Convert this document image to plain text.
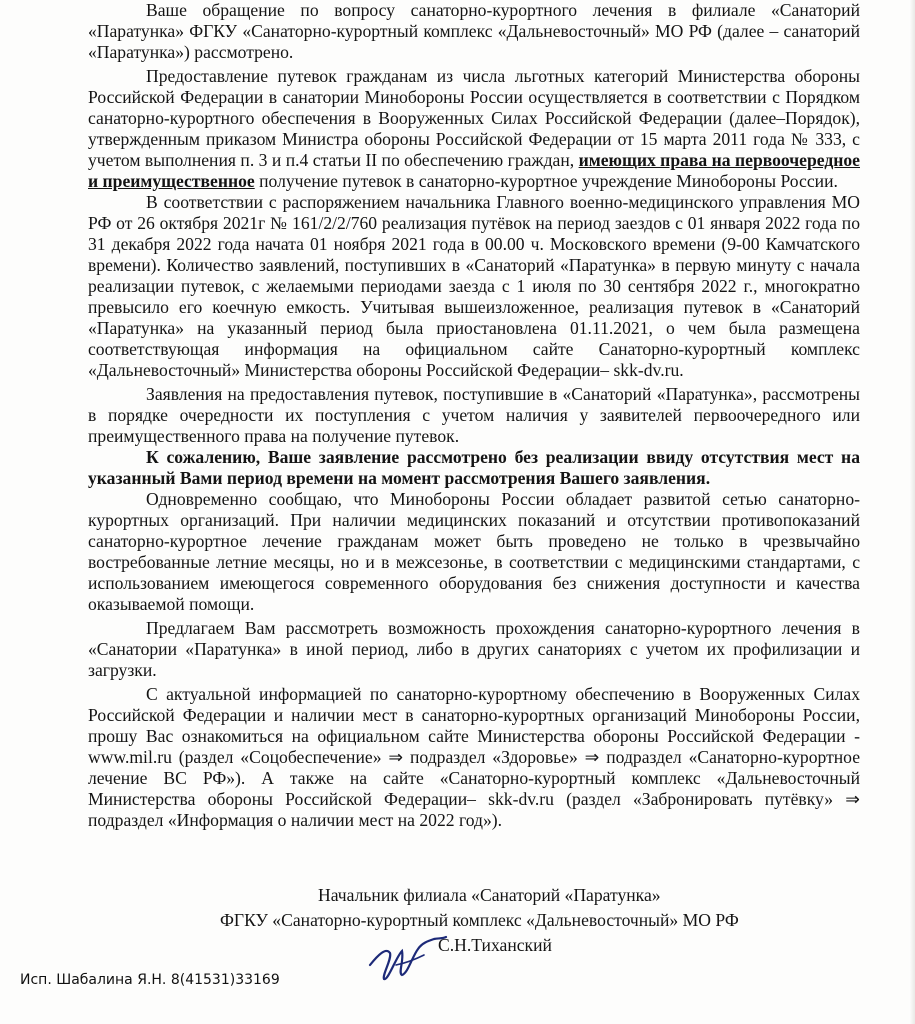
Ваше обращение по вопросу санаторно-курортного лечения в филиале «Санаторий «Паратунка» ФГКУ «Санаторно-курортный комплекс «Дальневосточный» МО РФ (далее – санаторий «Паратунка») рассмотрено.

Предоставление путевок гражданам из числа льготных категорий Министерства обороны Российской Федерации в санатории Минобороны России осуществляется в соответствии с Порядком санаторно-курортного обеспечения в Вооруженных Силах Российской Федерации (далее–Порядок), утвержденным приказом Министра обороны Российской Федерации от 15 марта 2011 года № 333, с учетом выполнения п. 3 и п.4 статьи II по обеспечению граждан, имеющих права на первоочередное и преимущественное получение путевок в санаторно-курортное учреждение Минобороны России.

В соответствии с распоряжением начальника Главного военно-медицинского управления МО РФ от 26 октября 2021г № 161/2/2/760 реализация путёвок на период заездов с 01 января 2022 года по 31 декабря 2022 года начата 01 ноября 2021 года в 00.00 ч. Московского времени (9-00 Камчатского времени). Количество заявлений, поступивших в «Санаторий «Паратунка» в первую минуту с начала реализации путевок, с желаемыми периодами заезда с 1 июля по 30 сентября 2022 г., многократно превысило его коечную емкость. Учитывая вышеизложенное, реализация путевок в «Санаторий «Паратунка» на указанный период была приостановлена 01.11.2021, о чем была размещена соответствующая информация на официальном сайте Санаторно-курортный комплекс «Дальневосточный» Министерства обороны Российской Федерации– skk-dv.ru.

Заявления на предоставления путевок, поступившие в «Санаторий «Паратунка», рассмотрены в порядке очередности их поступления с учетом наличия у заявителей первоочередного или преимущественного права на получение путевок.

К сожалению, Ваше заявление рассмотрено без реализации ввиду отсутствия мест на указанный Вами период времени на момент рассмотрения Вашего заявления.

Одновременно сообщаю, что Минобороны России обладает развитой сетью санаторно-курортных организаций. При наличии медицинских показаний и отсутствии противопоказаний санаторно-курортное лечение гражданам может быть проведено не только в чрезвычайно востребованные летние месяцы, но и в межсезонье, в соответствии с медицинскими стандартами, с использованием имеющегося современного оборудования без снижения доступности и качества оказываемой помощи.

Предлагаем Вам рассмотреть возможность прохождения санаторно-курортного лечения в «Санатории «Паратунка» в иной период, либо в других санаториях с учетом их профилизации и загрузки.

С актуальной информацией по санаторно-курортному обеспечению в Вооруженных Силах Российской Федерации и наличии мест в санаторно-курортных организаций Минобороны России, прошу Вас ознакомиться на официальном сайте Министерства обороны Российской Федерации - www.mil.ru (раздел «Соцобеспечение» ⇒ подраздел «Здоровье» ⇒ подраздел «Санаторно-курортное лечение ВС РФ»). А также на сайте «Санаторно-курортный комплекс «Дальневосточный Министерства обороны Российской Федерации– skk-dv.ru (раздел «Забронировать путёвку» ⇒ подраздел «Информация о наличии мест на 2022 год»).

Начальник филиала «Санаторий «Паратунка»
ФГКУ «Санаторно-курортный комплекс «Дальневосточный» МО РФ
С.Н.Тиханский
Исп. Шабалина Я.Н. 8(41531)33169
